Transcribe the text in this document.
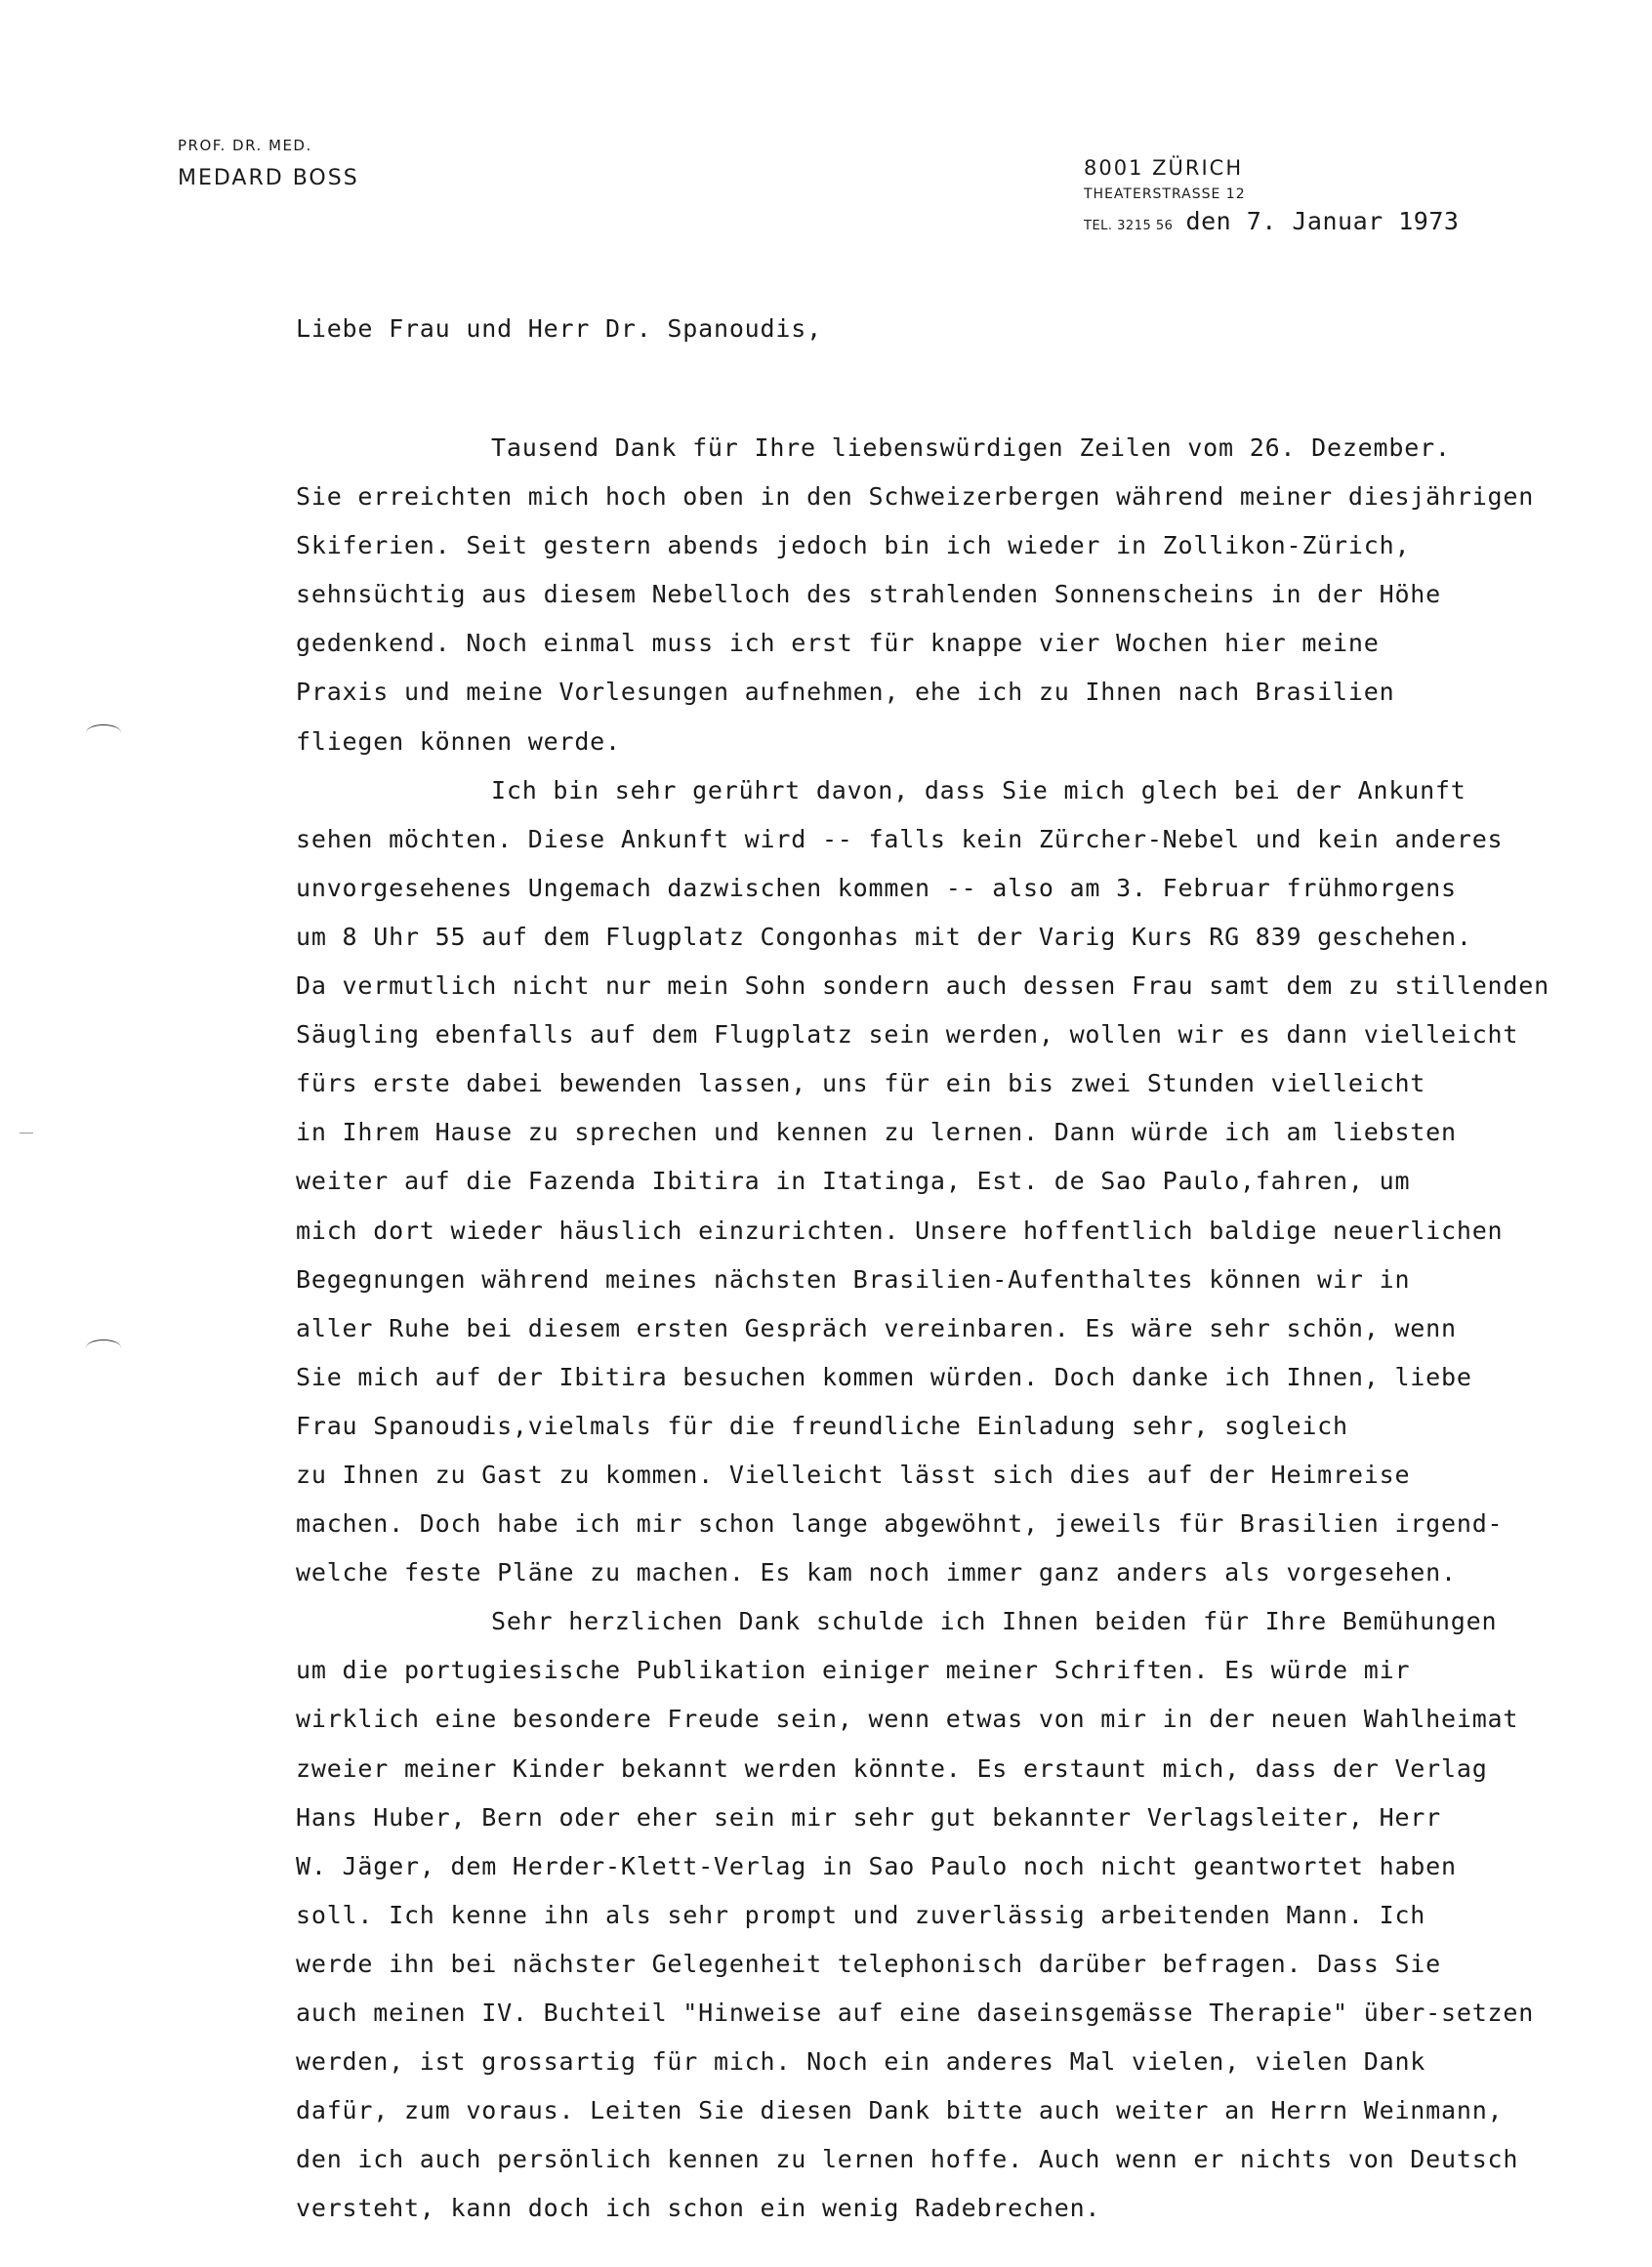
PROF. DR. MED.
MEDARD BOSS	8001 ZÜRICH
THEATERSTRASSE 12
TEL. 3215 56 den 7. Januar 1973
Liebe Frau und Herr Dr. Spanoudis,
Tausend Dank für Ihre liebenswürdigen Zeilen vom 26. Dezember.
Sie erreichten mich hoch oben in den Schweizerbergen während meiner diesjährigen
Skiferien. Seit gestern abends jedoch bin ich wieder in Zollikon-Zürich,
sehnsüchtig aus diesem Nebelloch des strahlenden Sonnenscheins in der Höhe
gedenkend. Noch einmal muss ich erst für knappe vier Wochen hier meine
Praxis und meine Vorlesungen aufnehmen, ehe ich zu Ihnen nach Brasilien
fliegen können werde.
Ich bin sehr gerührt davon, dass Sie mich glech bei der Ankunft
sehen möchten. Diese Ankunft wird -- falls kein Zürcher-Nebel und kein anderes
unvorgesehenes Ungemach dazwischen kommen -- also am 3. Februar frühmorgens
um 8 Uhr 55 auf dem Flugplatz Congonhas mit der Varig Kurs RG 839 geschehen.
Da vermutlich nicht nur mein Sohn sondern auch dessen Frau samt dem zu stillenden
Säugling ebenfalls auf dem Flugplatz sein werden, wollen wir es dann vielleicht
fürs erste dabei bewenden lassen, uns für ein bis zwei Stunden vielleicht
in Ihrem Hause zu sprechen und kennen zu lernen. Dann würde ich am liebsten
weiter auf die Fazenda Ibitira in Itatinga, Est. de Sao Paulo,fahren, um
mich dort wieder häuslich einzurichten. Unsere hoffentlich baldige neuerlichen
Begegnungen während meines nächsten Brasilien-Aufenthaltes können wir in
aller Ruhe bei diesem ersten Gespräch vereinbaren. Es wäre sehr schön, wenn
Sie mich auf der Ibitira besuchen kommen würden. Doch danke ich Ihnen, liebe
Frau Spanoudis,vielmals für die freundliche Einladung sehr, sogleich
zu Ihnen zu Gast zu kommen. Vielleicht lässt sich dies auf der Heimreise
machen. Doch habe ich mir schon lange abgewöhnt, jeweils für Brasilien irgend-
welche feste Pläne zu machen. Es kam noch immer ganz anders als vorgesehen.
Sehr herzlichen Dank schulde ich Ihnen beiden für Ihre Bemühungen
um die portugiesische Publikation einiger meiner Schriften. Es würde mir
wirklich eine besondere Freude sein, wenn etwas von mir in der neuen Wahlheimat
zweier meiner Kinder bekannt werden könnte. Es erstaunt mich, dass der Verlag
Hans Huber, Bern oder eher sein mir sehr gut bekannter Verlagsleiter, Herr
W. Jäger, dem Herder-Klett-Verlag in Sao Paulo noch nicht geantwortet haben
soll. Ich kenne ihn als sehr prompt und zuverlässig arbeitenden Mann. Ich
werde ihn bei nächster Gelegenheit telephonisch darüber befragen. Dass Sie
auch meinen IV. Buchteil "Hinweise auf eine daseinsgemässe Therapie" über-setzen
werden, ist grossartig für mich. Noch ein anderes Mal vielen, vielen Dank
dafür, zum voraus. Leiten Sie diesen Dank bitte auch weiter an Herrn Weinmann,
den ich auch persönlich kennen zu lernen hoffe. Auch wenn er nichts von Deutsch
versteht, kann doch ich schon ein wenig Radebrechen.
